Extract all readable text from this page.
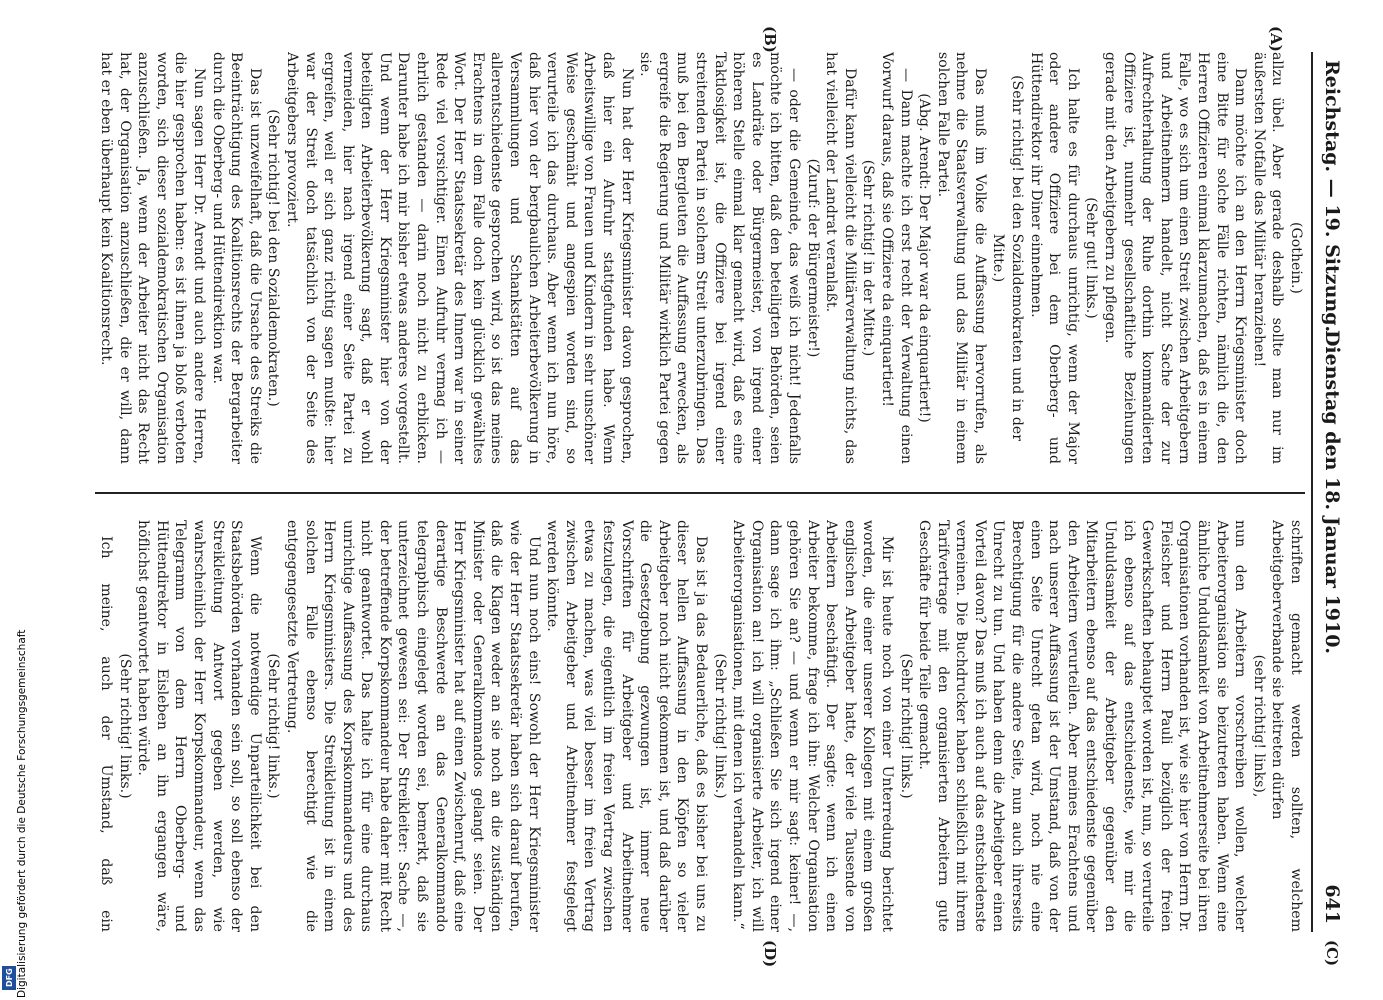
Digitalisierung gefördert durch die Deutsche Forschungsgemeinschaft
DFG
Reichstag. — 19. Sitzung.
Dienstag den 18. Januar 1910.
641
(A)
(B)
(C)
(D)

(Gothein.)

allzu übel. Aber gerade deshalb sollte man nur im äußersten Notfalle das Militär heranziehen!

Dann möchte ich an den Herrn Kriegsminister doch eine Bitte für solche Fälle richten, nämlich die, den Herren Offizieren einmal klarzumachen, daß es in einem Falle, wo es sich um einen Streit zwischen Arbeitgebern und Arbeitnehmern handelt, nicht Sache der zur Aufrechterhaltung der Ruhe dorthin kommandierten Offiziere ist, nunmehr gesellschaftliche Beziehungen gerade mit den Arbeitgebern zu pflegen.

(Sehr gut! links.)

Ich halte es für durchaus unrichtig, wenn der Major oder andere Offiziere bei dem Oberberg- und Hüttendirektor ihr Diner einnehmen.

(Sehr richtig! bei den Sozialdemokraten und in der Mitte.)

Das muß im Volke die Auffassung hervorrufen, als nehme die Staatsverwaltung und das Militär in einem solchen Falle Partei.

(Abg. Arendt: Der Major war da einquartiert!)

— Dann machte ich erst recht der Verwaltung einen Vorwurf daraus, daß sie Offiziere da einquartiert!

(Sehr richtig! in der Mitte.)

Dafür kann vielleicht die Militärverwaltung nichts, das hat vielleicht der Landrat veranlaßt.

(Zuruf: der Bürgermeister!)

— oder die Gemeinde, das weiß ich nicht! Jedenfalls möchte ich bitten, daß den beteiligten Behörden, seien es Landräte oder Bürgermeister, von irgend einer höheren Stelle einmal klar gemacht wird, daß es eine Taktlosigkeit ist, die Offiziere bei irgend einer streitenden Partei in solchem Streit unterzubringen. Das muß bei den Bergleuten die Auffassung erwecken, als ergreife die Regierung und Militär wirklich Partei gegen sie.

Nun hat der Herr Kriegsminister davon gesprochen, daß hier ein Aufruhr stattgefunden habe. Wenn Arbeitswillige von Frauen und Kindern in sehr unschöner Weise geschmäht und angespien worden sind, so verurteile ich das durchaus. Aber wenn ich nun höre, daß hier von der bergbaulichen Arbeiterbevölkerung in Versammlungen und Schankstätten auf das allerentschiedenste gesprochen wird, so ist das meines Erachtens in dem Falle doch kein glücklich gewähltes Wort. Der Herr Staatssekretär des Innern war in seiner Rede viel vorsichtiger. Einen Aufruhr vermag ich — ehrlich gestanden — darin noch nicht zu erblicken. Darunter habe ich mir bisher etwas anderes vorgestellt. Und wenn der Herr Kriegsminister hier von der beteiligten Arbeiterbevölkerung sagt, daß er wohl vermeiden, hier nach irgend einer Seite Partei zu ergreifen, weil er sich ganz richtig sagen mußte: hier war der Streit doch tatsächlich von der Seite des Arbeitgebers provoziert.

(Sehr richtig! bei den Sozialdemokraten.)

Das ist unzweifelhaft, daß die Ursache des Streiks die Beeinträchtigung des Koalitionsrechts der Bergarbeiter durch die Oberberg- und Hüttendirektion war.

Nun sagen Herr Dr. Arendt und auch andere Herren, die hier gesprochen haben: es ist ihnen ja bloß verboten worden, sich dieser sozialdemokratischen Organisation anzuschließen. Ja, wenn der Arbeiter nicht das Recht hat, der Organisation anzuschließen, die er will, dann hat er eben überhaupt kein Koalitionsrecht.

schriften gemacht werden sollten, welchem Arbeitgeberverbande sie beitreten dürfen

(sehr richtig! links),

nun den Arbeitern vorschreiben wollen, welcher Arbeiterorganisation sie beizutreten haben. Wenn eine ähnliche Unduldsamkeit von Arbeitnehmerseite bei ihren Organisationen vorhanden ist, wie sie hier von Herrn Dr. Fleischer und Herrn Pauli bezüglich der freien Gewerkschaften behauptet worden ist, nun, so verurteile ich ebenso auf das entschiedenste, wie mir die Unduldsamkeit der Arbeitgeber gegenüber den Mitarbeitern ebenso auf das entschiedenste gegenüber den Arbeitern verurteilen. Aber meines Erachtens und nach unserer Auffassung ist der Umstand, daß von der einen Seite Unrecht getan wird, noch nie eine Berechtigung für die andere Seite, nun auch ihrerseits Unrecht zu tun. Und haben denn die Arbeitgeber einen Vorteil davon? Das muß ich auch auf das entschiedenste verneinen. Die Buchdrucker haben schließlich mit ihrem Tarifvertrage mit den organisierten Arbeitern gute Geschäfte für beide Teile gemacht.

(Sehr richtig! links.)

Mir ist heute noch von einer Unterredung berichtet worden, die einer unserer Kollegen mit einem großen englischen Arbeitgeber hatte, der viele Tausende von Arbeitern beschäftigt. Der sagte: wenn ich einen Arbeiter bekomme, frage ich ihn: Welcher Organisation gehören Sie an? — und wenn er mir sagt: keiner! —, dann sage ich ihm: „Schließen Sie sich irgend einer Organisation an! ich will organisierte Arbeiter, ich will Arbeiterorganisationen, mit denen ich verhandeln kann.“

(Sehr richtig! links.)

Das ist ja das Bedauerliche, daß es bisher bei uns zu dieser hellen Auffassung in den Köpfen so vieler Arbeitgeber noch nicht gekommen ist, und daß darüber die Gesetzgebung gezwungen ist, immer neue Vorschriften für Arbeitgeber und Arbeitnehmer festzulegen, die eigentlich im freien Vertrag zwischen etwas zu machen, was viel besser im freien Vertrag zwischen Arbeitgeber und Arbeitnehmer festgelegt werden könnte.

Und nun noch eins! Sowohl der Herr Kriegsminister wie der Herr Staatssekretär haben sich darauf berufen, daß die Klagen weder an sie noch an die zuständigen Minister oder Generalkommandos gelangt seien. Der Herr Kriegsminister hat auf einen Zwischenruf, daß eine derartige Beschwerde an das Generalkommando telegraphisch eingelegt worden sei, bemerkt, daß sie unterzeichnet gewesen sei: Der Streikleiter: Sache —, der betreffende Korpskommandeur habe daher mit Recht nicht geantwortet. Das halte ich für eine durchaus unrichtige Auffassung des Korpskommandeurs und des Herrn Kriegsministers. Die Streikleitung ist in einem solchen Falle ebenso berechtigt wie die entgegengesetzte Vertretung.

(Sehr richtig! links.)

Wenn die notwendige Unparteilichkeit bei den Staatsbehörden vorhanden sein soll, so soll ebenso der Streikleitung Antwort gegeben werden, wie wahrscheinlich der Herr Korpskommandeur, wenn das Telegramm von dem Herrn Oberberg- und Hüttendirektor in Eisleben an ihn ergangen wäre, höflichst geantwortet haben würde.

(Sehr richtig! links.)

Ich meine, auch der Umstand, daß ein
